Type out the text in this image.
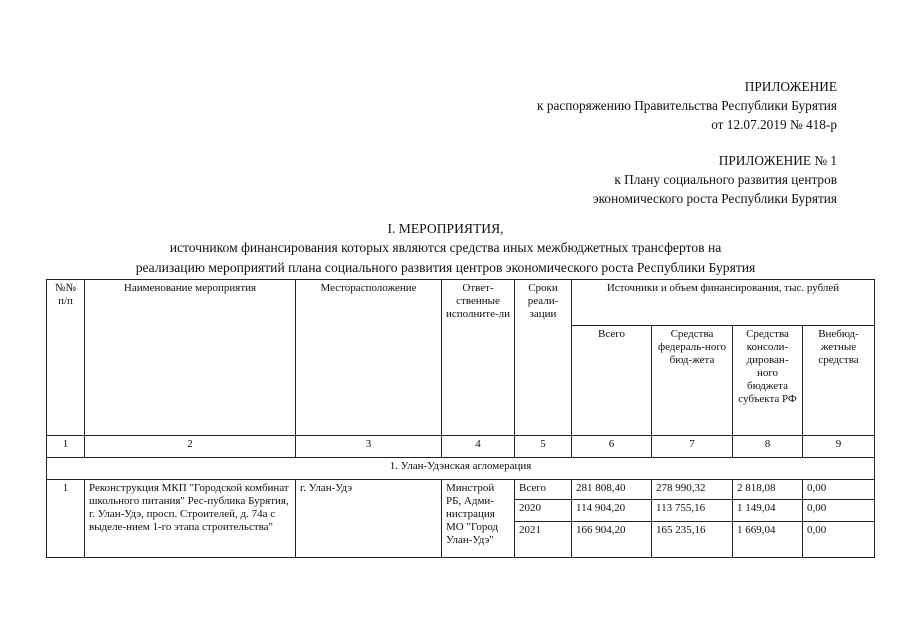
ПРИЛОЖЕНИЕ
к распоряжению Правительства Республики Бурятия
от 12.07.2019 № 418-р
ПРИЛОЖЕНИЕ № 1
к Плану социального развития центров
экономического роста Республики Бурятия
I. МЕРОПРИЯТИЯ,
источником финансирования которых являются средства иных межбюджетных трансфертов на
реализацию мероприятий плана социального развития центров экономического роста Республики Бурятия
№№ п/п	Наименование мероприятия	Месторасположение	Ответ-ственные исполните-ли	Сроки реали-зации	Источники и объем финансирования, тыс. рублей			
					Всего	Средства федераль-ного бюд-жета	Средства консоли-дирован-ного бюджета субъекта РФ	Внебюд-жетные средства
1	2	3	4	5	6	7	8	9
1. Улан-Удэнская агломерация								
1	Реконструкция МКП "Городской комбинат школьного питания" Рес-публика Бурятия, г. Улан-Удэ, просп. Строителей, д. 74а с выделе-нием 1-го этапа строительства"	г. Улан-Удэ	Минстрой РБ, Адми-нистрация МО "Город Улан-Удэ"	Всего	281 808,40	278 990,32	2 818,08	0,00
				2020	114 904,20	113 755,16	1 149,04	0,00
				2021	166 904,20	165 235,16	1 669,04	0,00
